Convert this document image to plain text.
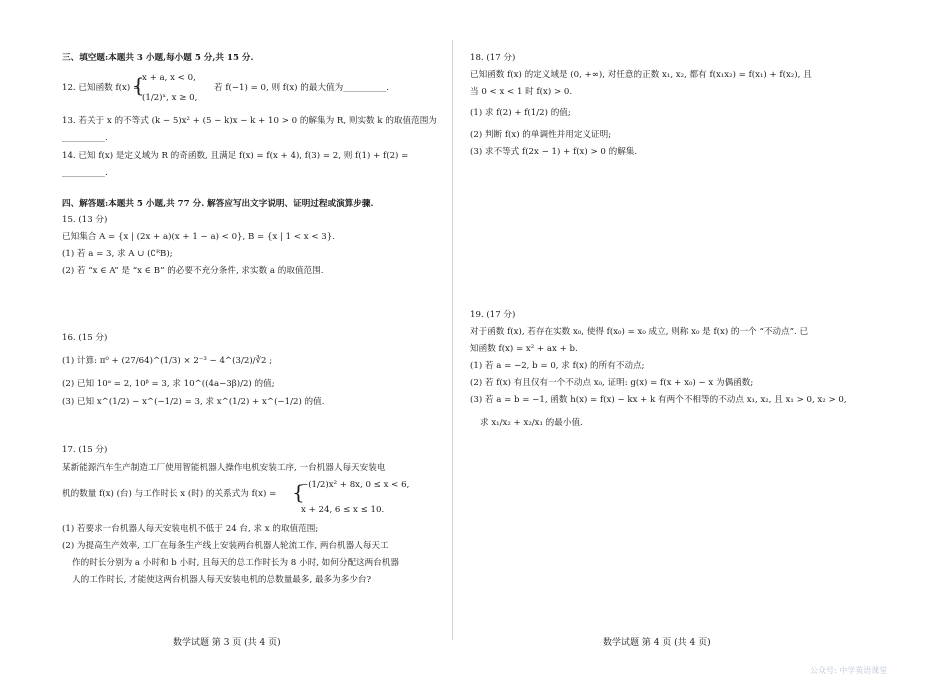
三、填空题:本题共 3 小题,每小题 5 分,共 15 分.
12. 已知函数 f(x) =
{
x + a, x < 0,
(1/2)ˣ, x ≥ 0,
若 f(−1) = 0, 则 f(x) 的最大值为__________.
13. 若关于 x 的不等式 (k − 5)x² + (5 − k)x − k + 10 > 0 的解集为 R, 则实数 k 的取值范围为
__________.
14. 已知 f(x) 是定义域为 R 的奇函数, 且满足 f(x) = f(x + 4), f(3) = 2, 则 f(1) + f(2) =
__________.
四、解答题:本题共 5 小题,共 77 分. 解答应写出文字说明、证明过程或演算步骤.
15. (13 分)
已知集合 A = {x | (2x + a)(x + 1 − a) < 0}, B = {x | 1 < x < 3}.
(1) 若 a = 3, 求 A ∪ (∁ᴿB);
(2) 若 “x ∈ A” 是 “x ∈ B” 的必要不充分条件, 求实数 a 的取值范围.
16. (15 分)
(1) 计算: π⁰ + (27/64)^(1/3) × 2⁻³ − 4^(3/2)/∛2 ;
(2) 已知 10ᵃ = 2, 10ᵝ = 3, 求 10^((4a−3β)/2) 的值;
(3) 已知 x^(1/2) − x^(−1/2) = 3, 求 x^(1/2) + x^(−1/2) 的值.
17. (15 分)
某新能源汽车生产制造工厂使用智能机器人操作电机安装工序, 一台机器人每天安装电
机的数量 f(x) (台) 与工作时长 x (时) 的关系式为 f(x) = {
−(1/2)x² + 8x, 0 ≤ x < 6,
x + 24, 6 ≤ x ≤ 10.
(1) 若要求一台机器人每天安装电机不低于 24 台, 求 x 的取值范围;
(2) 为提高生产效率, 工厂在每条生产线上安装两台机器人轮流工作, 两台机器人每天工
作的时长分别为 a 小时和 b 小时, 且每天的总工作时长为 8 小时, 如何分配这两台机器
人的工作时长, 才能使这两台机器人每天安装电机的总数量最多, 最多为多少台?
数学试题 第 3 页 (共 4 页)
18. (17 分)
已知函数 f(x) 的定义域是 (0, +∞), 对任意的正数 x₁, x₂, 都有 f(x₁x₂) = f(x₁) + f(x₂), 且
当 0 < x < 1 时 f(x) > 0.
(1) 求 f(2) + f(1/2) 的值;
(2) 判断 f(x) 的单调性并用定义证明;
(3) 求不等式 f(2x − 1) + f(x) > 0 的解集.
19. (17 分)
对于函数 f(x), 若存在实数 x₀, 使得 f(x₀) = x₀ 成立, 则称 x₀ 是 f(x) 的一个 “不动点”. 已
知函数 f(x) = x² + ax + b.
(1) 若 a = −2, b = 0, 求 f(x) 的所有不动点;
(2) 若 f(x) 有且仅有一个不动点 x₀, 证明: g(x) = f(x + x₀) − x 为偶函数;
(3) 若 a = b = −1, 函数 h(x) = f(x) − kx + k 有两个不相等的不动点 x₁, x₂, 且 x₁ > 0, x₂ > 0,
求 x₁/x₂ + x₂/x₁ 的最小值.
数学试题 第 4 页 (共 4 页)
公众号: 中学英语课堂
